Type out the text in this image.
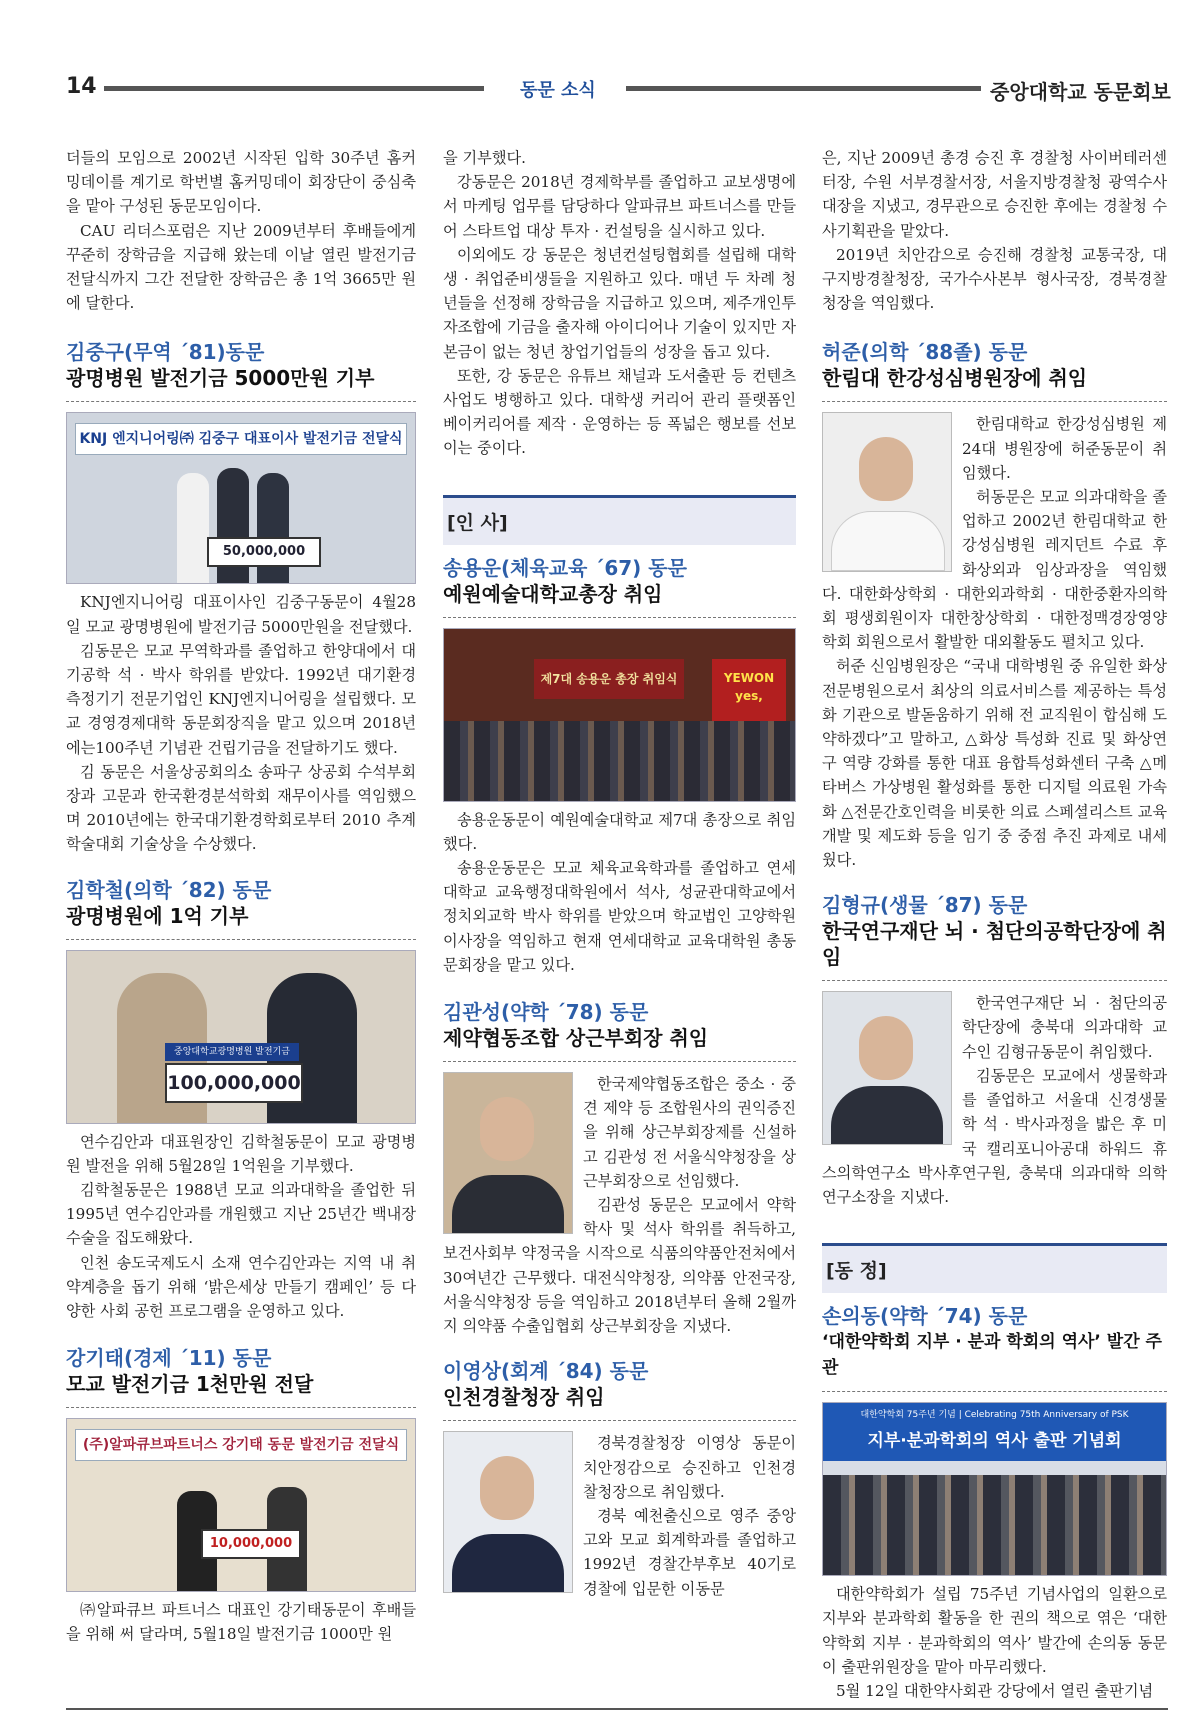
14	동문 소식	중앙대학교 동문회보

더들의 모임으로 2002년 시작된 입학 30주년 홈커밍데이를 계기로 학번별 홈커밍데이 회장단이 중심축을 맡아 구성된 동문모임이다.

CAU 리더스포럼은 지난 2009년부터 후배들에게 꾸준히 장학금을 지급해 왔는데 이날 열린 발전기금 전달식까지 그간 전달한 장학금은 총 1억 3665만 원에 달한다.

김중구(무역 ´81)동문
광명병원 발전기금 5000만원 기부
KNJ 엔지니어링㈜ 김중구 대표이사 발전기금 전달식
50,000,000

KNJ엔지니어링 대표이사인 김중구동문이 4월28일 모교 광명병원에 발전기금 5000만원을 전달했다.

김동문은 모교 무역학과를 졸업하고 한양대에서 대기공학 석 · 박사 학위를 받았다. 1992년 대기환경 측정기기 전문기업인 KNJ엔지니어링을 설립했다. 모교 경영경제대학 동문회장직을 맡고 있으며 2018년에는100주년 기념관 건립기금을 전달하기도 했다.

김 동문은 서울상공회의소 송파구 상공회 수석부회장과 고문과 한국환경분석학회 재무이사를 역임했으며 2010년에는 한국대기환경학회로부터 2010 추계학술대회 기술상을 수상했다.

김학철(의학 ´82) 동문
광명병원에 1억 기부
중앙대학교광명병원 발전기금
100,000,000

연수김안과 대표원장인 김학철동문이 모교 광명병원 발전을 위해 5월28일 1억원을 기부했다.

김학철동문은 1988년 모교 의과대학을 졸업한 뒤 1995년 연수김안과를 개원했고 지난 25년간 백내장 수술을 집도해왔다.

인천 송도국제도시 소재 연수김안과는 지역 내 취약계층을 돕기 위해 ‘밝은세상 만들기 캠페인’ 등 다양한 사회 공헌 프로그램을 운영하고 있다.

강기태(경제 ´11) 동문
모교 발전기금 1천만원 전달
(주)알파큐브파트너스 강기태 동문 발전기금 전달식
10,000,000

㈜알파큐브 파트너스 대표인 강기태동문이 후배들을 위해 써 달라며, 5월18일 발전기금 1000만 원

을 기부했다.

강동문은 2018년 경제학부를 졸업하고 교보생명에서 마케팅 업무를 담당하다 알파큐브 파트너스를 만들어 스타트업 대상 투자 · 컨설팅을 실시하고 있다.

이외에도 강 동문은 청년컨설팅협회를 설립해 대학생 · 취업준비생들을 지원하고 있다. 매년 두 차례 청년들을 선정해 장학금을 지급하고 있으며, 제주개인투자조합에 기금을 출자해 아이디어나 기술이 있지만 자본금이 없는 청년 창업기업들의 성장을 돕고 있다.

또한, 강 동문은 유튜브 채널과 도서출판 등 컨텐츠 사업도 병행하고 있다. 대학생 커리어 관리 플랫폼인 베이커리어를 제작 · 운영하는 등 폭넓은 행보를 선보이는 중이다.

[인 사]
송용운(체육교육 ´67) 동문
예원예술대학교총장 취임
제7대 송용운 총장 취임식	YEWON yes,

송용운동문이 예원예술대학교 제7대 총장으로 취임했다.

송용운동문은 모교 체육교육학과를 졸업하고 연세대학교 교육행정대학원에서 석사, 성균관대학교에서 정치외교학 박사 학위를 받았으며 학교법인 고양학원 이사장을 역임하고 현재 연세대학교 교육대학원 총동문회장을 맡고 있다.

김관성(약학 ´78) 동문
제약협동조합 상근부회장 취임

한국제약협동조합은 중소 · 중견 제약 등 조합원사의 권익증진을 위해 상근부회장제를 신설하고 김관성 전 서울식약청장을 상근부회장으로 선임했다.

김관성 동문은 모교에서 약학학사 및 석사 학위를 취득하고, 보건사회부 약정국을 시작으로 식품의약품안전처에서 30여년간 근무했다. 대전식약청장, 의약품 안전국장, 서울식약청장 등을 역임하고 2018년부터 올해 2월까지 의약품 수출입협회 상근부회장을 지냈다.

이영상(회계 ´84) 동문
인천경찰청장 취임

경북경찰청장 이영상 동문이 치안정감으로 승진하고 인천경찰청장으로 취임했다.

경북 예천출신으로 영주 중앙고와 모교 회계학과를 졸업하고 1992년 경찰간부후보 40기로 경찰에 입문한 이동문

은, 지난 2009년 총경 승진 후 경찰청 사이버테러센터장, 수원 서부경찰서장, 서울지방경찰청 광역수사대장을 지냈고, 경무관으로 승진한 후에는 경찰청 수사기획관을 맡았다.

2019년 치안감으로 승진해 경찰청 교통국장, 대구지방경찰청장, 국가수사본부 형사국장, 경북경찰청장을 역임했다.

허준(의학 ´88졸) 동문
한림대 한강성심병원장에 취임

한림대학교 한강성심병원 제24대 병원장에 허준동문이 취임했다.

허동문은 모교 의과대학을 졸업하고 2002년 한림대학교 한강성심병원 레지던트 수료 후 화상외과 임상과장을 역임했다. 대한화상학회 · 대한외과학회 · 대한중환자의학회 평생회원이자 대한창상학회 · 대한정맥경장영양학회 회원으로서 활발한 대외활동도 펼치고 있다.

허준 신임병원장은 “국내 대학병원 중 유일한 화상전문병원으로서 최상의 의료서비스를 제공하는 특성화 기관으로 발돋움하기 위해 전 교직원이 합심해 도약하겠다”고 말하고, △화상 특성화 진료 및 화상연구 역량 강화를 통한 대표 융합특성화센터 구축 △메타버스 가상병원 활성화를 통한 디지털 의료원 가속화 △전문간호인력을 비롯한 의료 스페셜리스트 교육 개발 및 제도화 등을 임기 중 중점 추진 과제로 내세웠다.

김형규(생물 ´87) 동문
한국연구재단 뇌 · 첨단의공학단장에 취임

한국연구재단 뇌 · 첨단의공학단장에 충북대 의과대학 교수인 김형규동문이 취임했다.

김동문은 모교에서 생물학과를 졸업하고 서울대 신경생물학 석 · 박사과정을 밟은 후 미국 캘리포니아공대 하워드 휴스의학연구소 박사후연구원, 충북대 의과대학 의학연구소장을 지냈다.

[동 정]
손의동(약학 ´74) 동문
‘대한약학회 지부 · 분과 학회의 역사’ 발간 주관
대한약학회 75주년 기념 | Celebrating 75th Anniversary of PSK
지부·분과학회의 역사 출판 기념회

대한약학회가 설립 75주년 기념사업의 일환으로 지부와 분과학회 활동을 한 권의 책으로 엮은 ‘대한약학회 지부 · 분과학회의 역사’ 발간에 손의동 동문이 출판위원장을 맡아 마무리했다.

5월 12일 대한약사회관 강당에서 열린 출판기념
